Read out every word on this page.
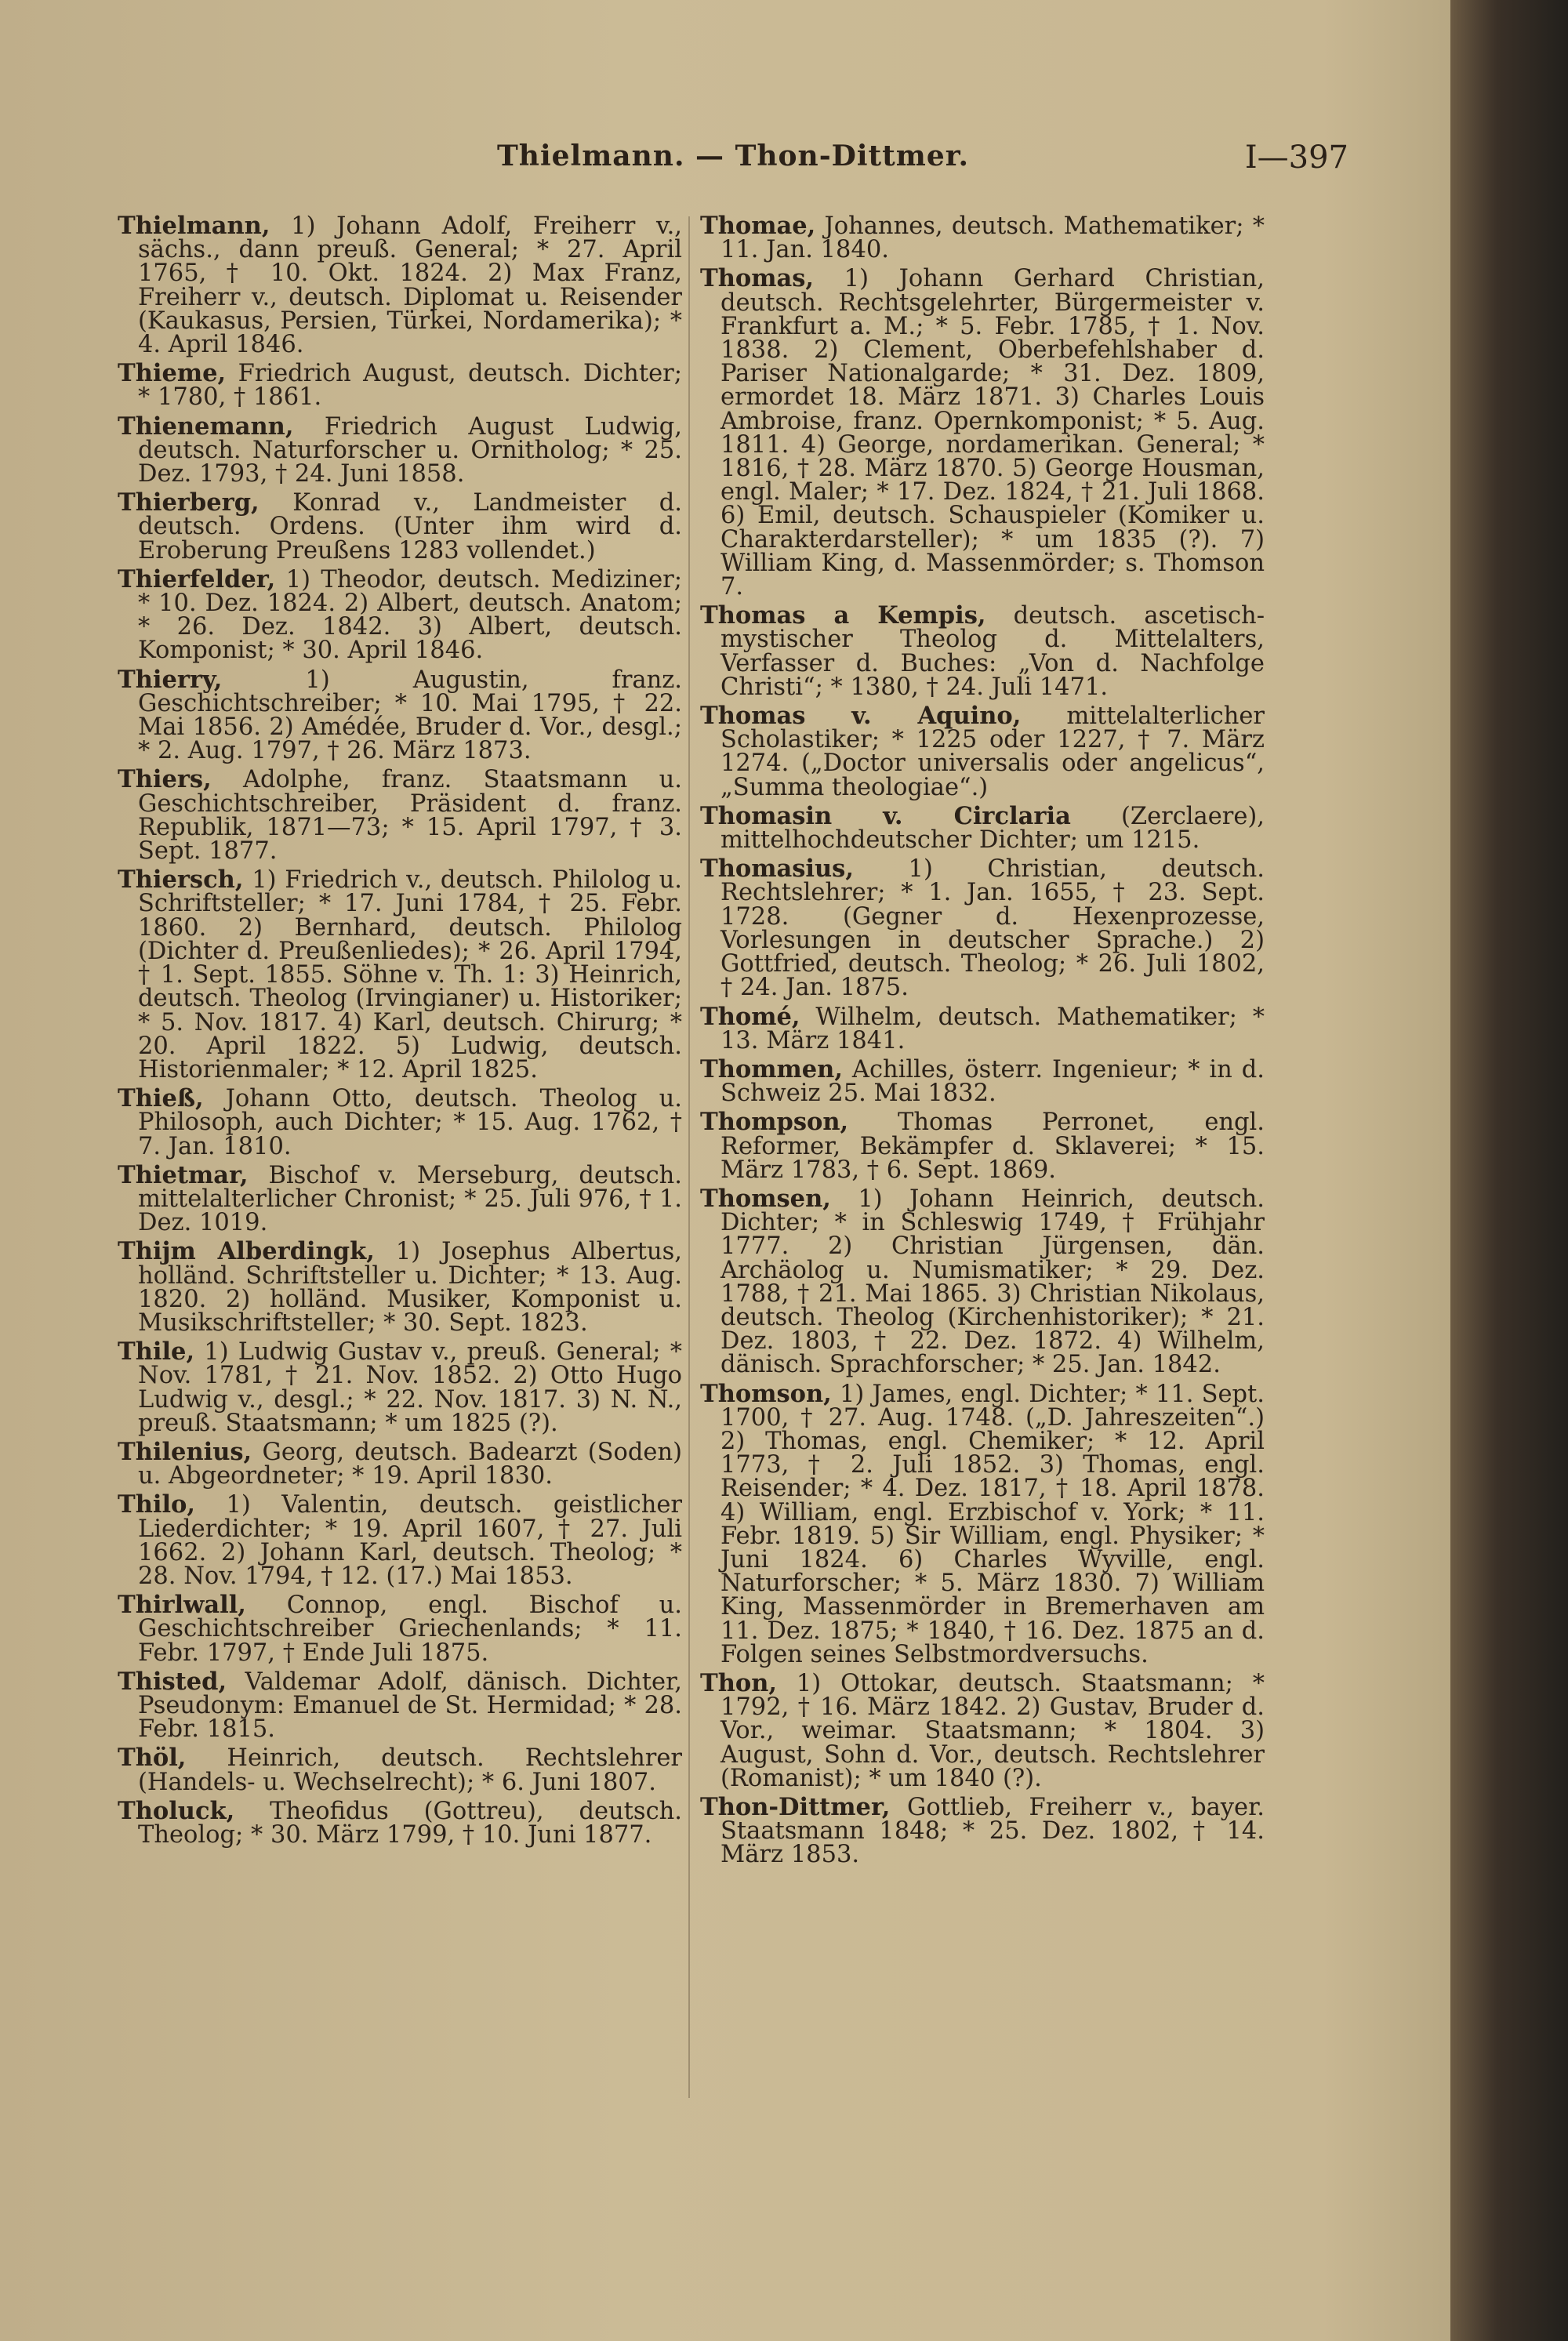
Thielmann. — Thon-Dittmer.	I—397

Thielmann, 1) Johann Adolf, Freiherr v., sächs., dann preuß. General; * 27. April 1765, † 10. Okt. 1824. 2) Max Franz, Freiherr v., deutsch. Diplomat u. Reisender (Kaukasus, Persien, Türkei, Nordamerika); * 4. April 1846.

Thieme, Friedrich August, deutsch. Dichter; * 1780, † 1861.

Thienemann, Friedrich August Ludwig, deutsch. Naturforscher u. Ornitholog; * 25. Dez. 1793, † 24. Juni 1858.

Thierberg, Konrad v., Landmeister d. deutsch. Ordens. (Unter ihm wird d. Eroberung Preußens 1283 vollendet.)

Thierfelder, 1) Theodor, deutsch. Mediziner; * 10. Dez. 1824. 2) Albert, deutsch. Anatom; * 26. Dez. 1842. 3) Albert, deutsch. Komponist; * 30. April 1846.

Thierry,	1) Augustin, franz. Geschichtschreiber; * 10. Mai 1795, † 22. Mai 1856. 2) Amédée, Bruder d. Vor., desgl.; * 2. Aug. 1797, † 26. März 1873.

Thiers, Adolphe, franz. Staatsmann u. Geschichtschreiber, Präsident d. franz. Republik, 1871—73; * 15. April 1797, † 3. Sept. 1877.

Thiersch, 1) Friedrich v., deutsch. Philolog u. Schriftsteller; * 17. Juni 1784, † 25. Febr. 1860. 2) Bernhard, deutsch. Philolog (Dichter d. Preußenliedes); * 26. April 1794, † 1. Sept. 1855. Söhne v. Th. 1: 3) Heinrich, deutsch. Theolog (Irvingianer) u. Historiker; * 5. Nov. 1817. 4) Karl, deutsch. Chirurg; * 20. April 1822. 5) Ludwig, deutsch. Historienmaler; * 12. April 1825.

Thieß, Johann Otto, deutsch. Theolog u. Philosoph, auch Dichter; * 15. Aug. 1762, † 7. Jan. 1810.

Thietmar, Bischof v. Merseburg, deutsch. mittelalterlicher Chronist; * 25. Juli 976, † 1. Dez. 1019.

Thijm Alberdingk, 1) Josephus Albertus, holländ. Schriftsteller u. Dichter; * 13. Aug. 1820. 2) holländ. Musiker, Komponist u. Musikschriftsteller; * 30. Sept. 1823.

Thile, 1) Ludwig Gustav v., preuß. General; * Nov. 1781, † 21. Nov. 1852. 2) Otto Hugo Ludwig v., desgl.; * 22. Nov. 1817. 3) N. N., preuß. Staatsmann; * um 1825 (?).

Thilenius, Georg, deutsch. Badearzt (Soden) u. Abgeordneter; * 19. April 1830.

Thilo, 1) Valentin, deutsch. geistlicher Liederdichter; * 19. April 1607, † 27. Juli 1662. 2) Johann Karl, deutsch. Theolog; * 28. Nov. 1794, † 12. (17.) Mai 1853.

Thirlwall, Connop, engl. Bischof u. Geschichtschreiber Griechenlands; * 11. Febr. 1797, † Ende Juli 1875.

Thisted, Valdemar Adolf, dänisch. Dichter, Pseudonym: Emanuel de St. Hermidad; * 28. Febr. 1815.

Thöl, Heinrich, deutsch. Rechtslehrer (Handels- u. Wechselrecht); * 6. Juni 1807.

Tholuck, Theofidus (Gottreu), deutsch. Theolog; * 30. März 1799, † 10. Juni 1877.

Thomae, Johannes, deutsch. Mathematiker; * 11. Jan. 1840.

Thomas, 1) Johann Gerhard Christian, deutsch. Rechtsgelehrter, Bürgermeister v. Frankfurt a. M.; * 5. Febr. 1785, † 1. Nov. 1838. 2) Clement, Oberbefehlshaber d. Pariser Nationalgarde; * 31. Dez. 1809, ermordet 18. März 1871. 3) Charles Louis Ambroise, franz. Opernkomponist; * 5. Aug. 1811. 4) George, nordamerikan. General; * 1816, † 28. März 1870. 5) George Housman, engl. Maler; * 17. Dez. 1824, † 21. Juli 1868. 6) Emil, deutsch. Schauspieler (Komiker u. Charakterdarsteller); * um 1835 (?). 7) William King, d. Massenmörder; s. Thomson 7.

Thomas a Kempis, deutsch. ascetisch-mystischer Theolog d. Mittelalters, Verfasser d. Buches: „Von d. Nachfolge Christi“; * 1380, † 24. Juli 1471.

Thomas v. Aquino, mittelalterlicher Scholastiker; * 1225 oder 1227, † 7. März 1274. („Doctor universalis oder angelicus“, „Summa theologiae“.)

Thomasin v. Circlaria (Zerclaere), mittelhochdeutscher Dichter; um 1215.

Thomasius, 1) Christian, deutsch. Rechtslehrer; * 1. Jan. 1655, † 23. Sept. 1728. (Gegner d. Hexenprozesse, Vorlesungen in deutscher Sprache.) 2) Gottfried, deutsch. Theolog; * 26. Juli 1802, † 24. Jan. 1875.

Thomé, Wilhelm, deutsch. Mathematiker; * 13. März 1841.

Thommen, Achilles, österr. Ingenieur; * in d. Schweiz 25. Mai 1832.

Thompson, Thomas Perronet, engl. Reformer, Bekämpfer d. Sklaverei; * 15. März 1783, † 6. Sept. 1869.

Thomsen, 1) Johann Heinrich, deutsch. Dichter; * in Schleswig 1749, † Frühjahr 1777. 2) Christian Jürgensen, dän. Archäolog u. Numismatiker; * 29. Dez. 1788, † 21. Mai 1865. 3) Christian Nikolaus, deutsch. Theolog (Kirchenhistoriker); * 21. Dez. 1803, † 22. Dez. 1872. 4) Wilhelm, dänisch. Sprachforscher; * 25. Jan. 1842.

Thomson, 1) James, engl. Dichter; * 11. Sept. 1700, † 27. Aug. 1748. („D. Jahreszeiten“.) 2) Thomas, engl. Chemiker; * 12. April 1773, † 2. Juli 1852. 3) Thomas, engl. Reisender; * 4. Dez. 1817, † 18. April 1878. 4) William, engl. Erzbischof v. York; * 11. Febr. 1819. 5) Sir William, engl. Physiker; * Juni 1824. 6) Charles Wyville, engl. Naturforscher; * 5. März 1830. 7) William King, Massenmörder in Bremerhaven am 11. Dez. 1875; * 1840, † 16. Dez. 1875 an d. Folgen seines Selbstmordversuchs.

Thon, 1) Ottokar, deutsch. Staatsmann; * 1792, † 16. März 1842. 2) Gustav, Bruder d. Vor., weimar. Staatsmann; * 1804. 3) August, Sohn d. Vor., deutsch. Rechtslehrer (Romanist); * um 1840 (?).

Thon-Dittmer, Gottlieb, Freiherr v., bayer. Staatsmann 1848; * 25. Dez. 1802, † 14. März 1853.
